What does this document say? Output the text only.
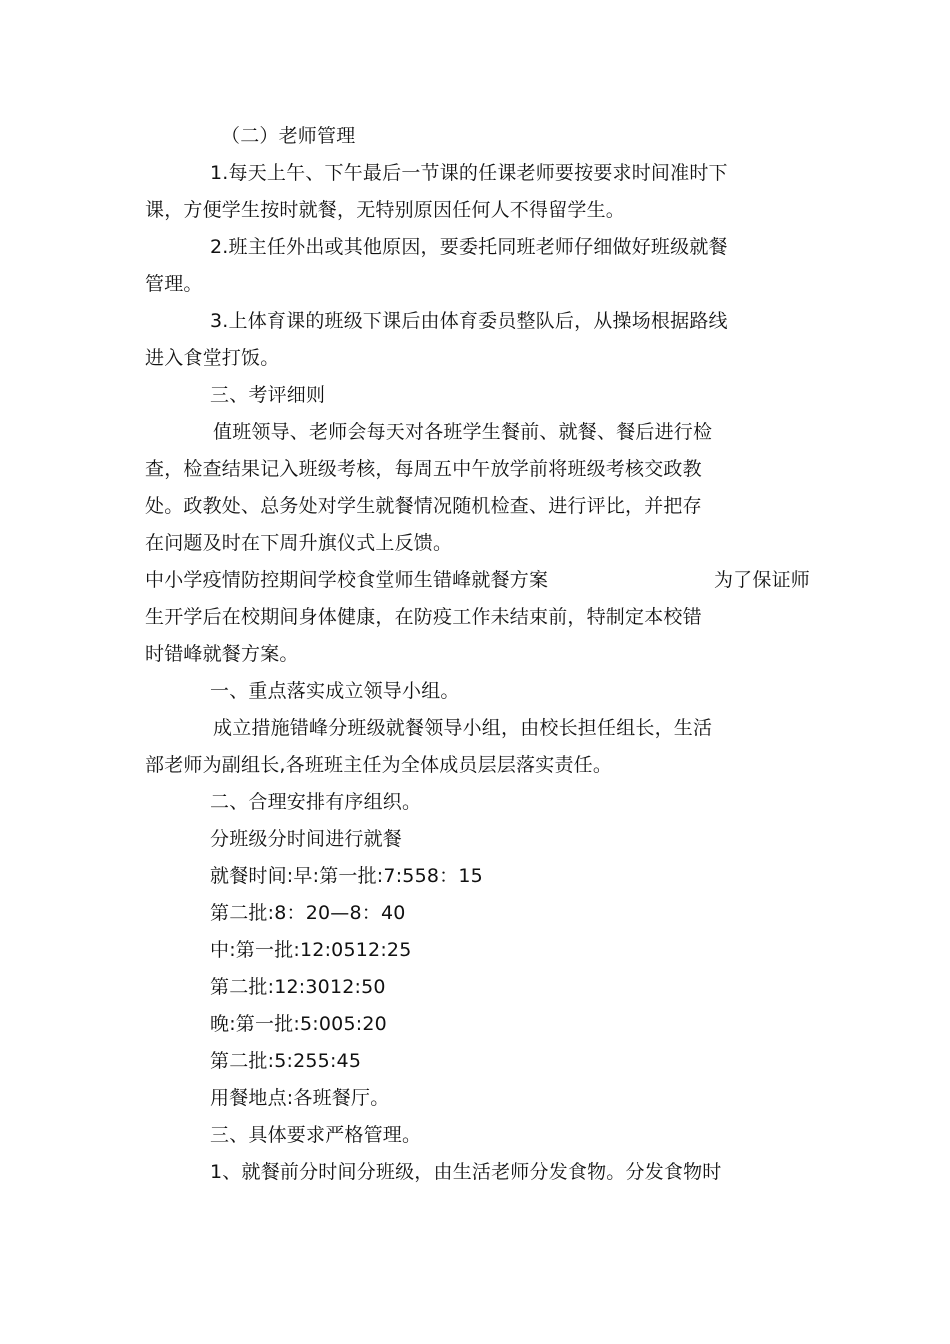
（二）老师管理
1.每天上午、下午最后一节课的任课老师要按要求时间准时下
课，方便学生按时就餐，无特别原因任何人不得留学生。
2.班主任外出或其他原因，要委托同班老师仔细做好班级就餐
管理。
3.上体育课的班级下课后由体育委员整队后，从操场根据路线
进入食堂打饭。
三、考评细则
值班领导、老师会每天对各班学生餐前、就餐、餐后进行检
查，检查结果记入班级考核，每周五中午放学前将班级考核交政教
处。政教处、总务处对学生就餐情况随机检查、进行评比，并把存
在问题及时在下周升旗仪式上反馈。
中小学疫情防控期间学校食堂师生错峰就餐方案	为了保证师
生开学后在校期间身体健康，在防疫工作未结束前，特制定本校错
时错峰就餐方案。
一、重点落实成立领导小组。
成立措施错峰分班级就餐领导小组，由校长担任组长，生活
部老师为副组长,各班班主任为全体成员层层落实责任。
二、合理安排有序组织。
分班级分时间进行就餐
就餐时间:早:第一批:7:558：15
第二批:8：20—8：40
中:第一批:12:0512:25
第二批:12:3012:50
晚:第一批:5:005:20
第二批:5:255:45
用餐地点:各班餐厅。
三、具体要求严格管理。
1、就餐前分时间分班级，由生活老师分发食物。分发食物时
